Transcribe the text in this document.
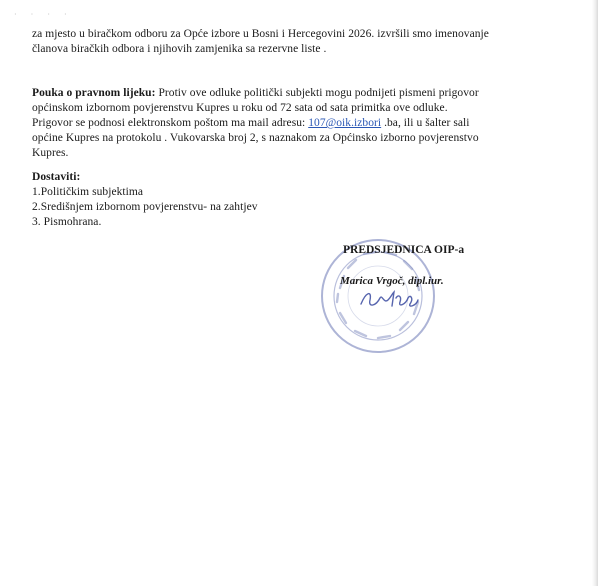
· · · ·
za mjesto u biračkom odboru za Opće izbore u Bosni i Hercegovini 2026. izvršili smo imenovanje
članova biračkih odbora i njihovih zamjenika sa rezervne liste .
Pouka o pravnom lijeku: Protiv ove odluke politički subjekti mogu podnijeti pismeni prigovor
općinskom izbornom povjerenstvu Kupres u roku od 72 sata od sata primitka ove odluke.
Prigovor se podnosi elektronskom poštom ma mail adresu: 107@oik.izbori .ba, ili u šalter sali
općine Kupres na protokolu . Vukovarska broj 2, s naznakom za Općinsko izborno povjerenstvo
Kupres.
Dostaviti:
1.Političkim subjektima
2.Središnjem izbornom povjerenstvu- na zahtjev
3. Pismohrana.
PREDSJEDNICA OIP-a
Marica Vrgoč, dipl.iur.
